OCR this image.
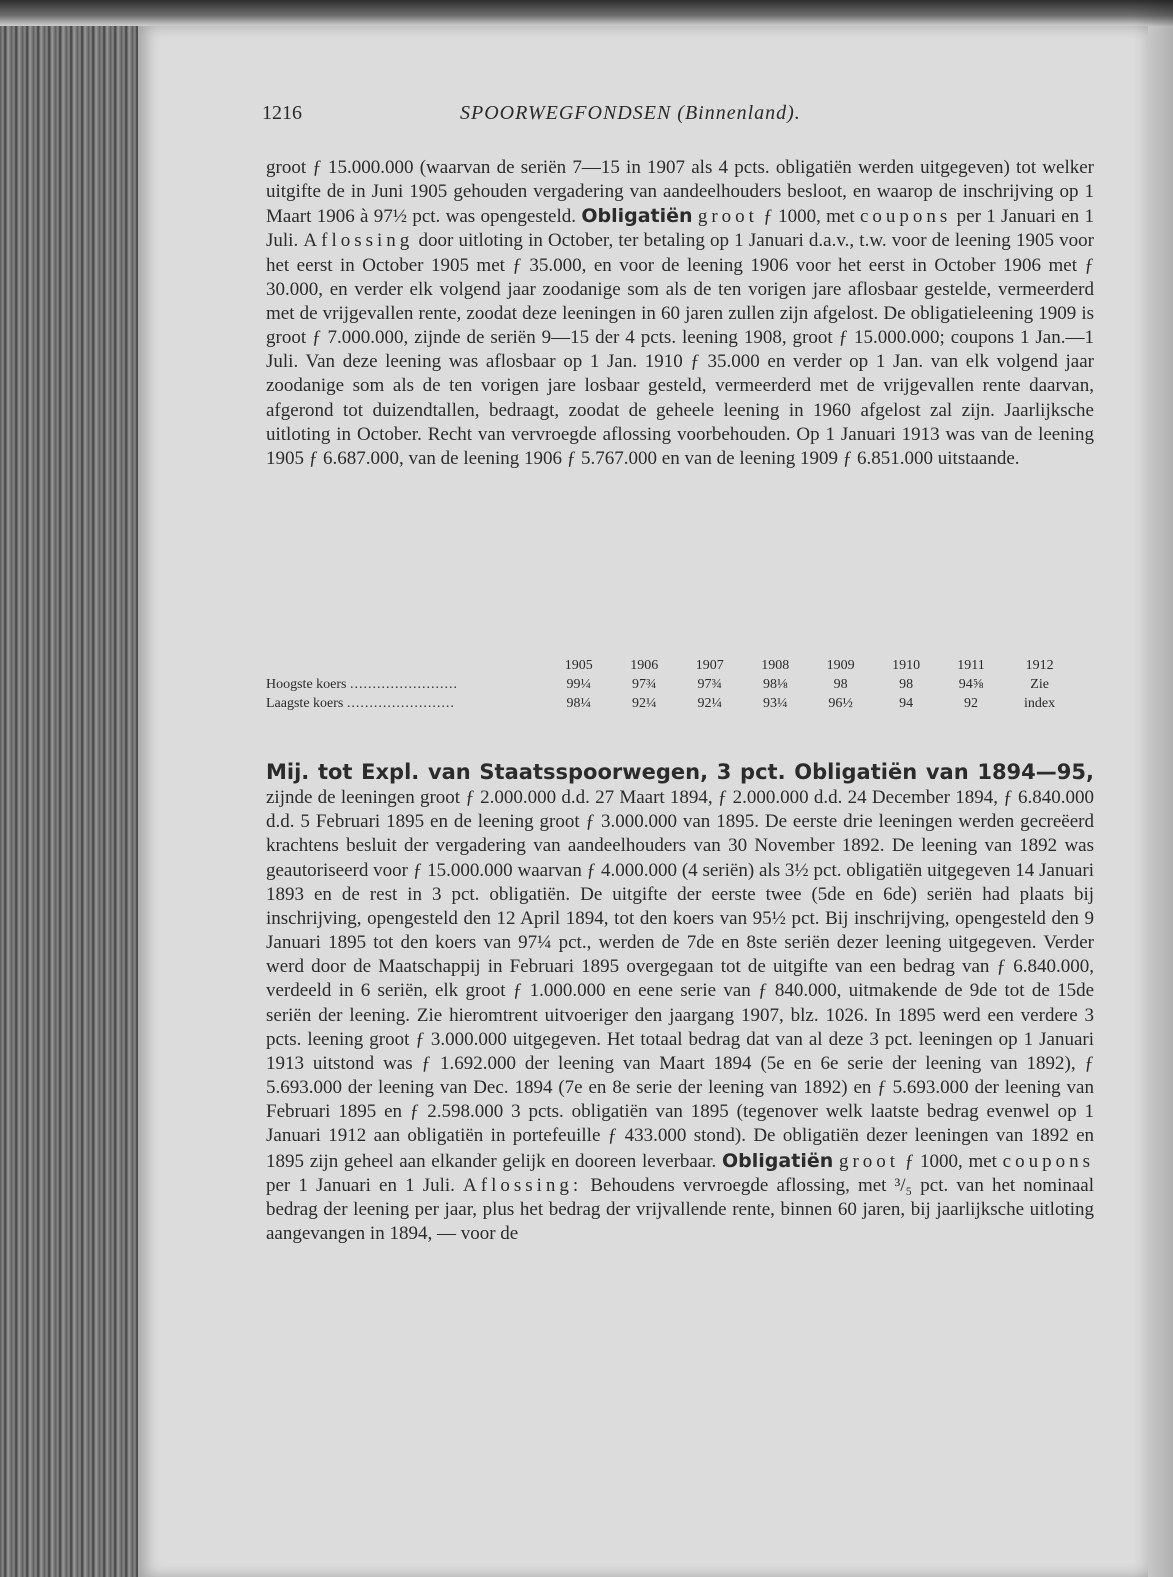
1216	SPOORWEGFONDSEN (Binnenland).
groot ƒ 15.000.000 (waarvan de seriën 7—15 in 1907 als 4 pcts. obligatiën werden uitgegeven) tot welker uitgifte de in Juni 1905 gehouden vergadering van aandeelhouders besloot, en waarop de inschrijving op 1 Maart 1906 à 97½ pct. was opengesteld. Obligatiën groot ƒ 1000, met coupons per 1 Januari en 1 Juli. Aflossing door uitloting in October, ter betaling op 1 Januari d.a.v., t.w. voor de leening 1905 voor het eerst in October 1905 met ƒ 35.000, en voor de leening 1906 voor het eerst in October 1906 met ƒ 30.000, en verder elk volgend jaar zoodanige som als de ten vorigen jare aflosbaar gestelde, vermeerderd met de vrijgevallen rente, zoodat deze leeningen in 60 jaren zullen zijn afgelost. De obligatieleening 1909 is groot ƒ 7.000.000, zijnde de seriën 9—15 der 4 pcts. leening 1908, groot ƒ 15.000.000; coupons 1 Jan.—1 Juli. Van deze leening was aflosbaar op 1 Jan. 1910 ƒ 35.000 en verder op 1 Jan. van elk volgend jaar zoodanige som als de ten vorigen jare losbaar gesteld, vermeerderd met de vrijgevallen rente daarvan, afgerond tot duizendtallen, bedraagt, zoodat de geheele leening in 1960 afgelost zal zijn. Jaarlijksche uitloting in October. Recht van vervroegde aflossing voorbehouden. Op 1 Januari 1913 was van de leening 1905 ƒ 6.687.000, van de leening 1906 ƒ 5.767.000 en van de leening 1909 ƒ 6.851.000 uitstaande.
	1905	1906	1907	1908	1909	1910	1911	1912
Hoogste koers ........................	99¼	97¾	97¾	98⅛	98	98	94⅝	Zie
Laagste koers ........................	98¼	92¼	92¼	93¼	96½	94	92	index
Mij. tot Expl. van Staatsspoorwegen, 3 pct. Obligatiën van 1894—95, zijnde de leeningen groot ƒ 2.000.000 d.d. 27 Maart 1894, ƒ 2.000.000 d.d. 24 December 1894, ƒ 6.840.000 d.d. 5 Februari 1895 en de leening groot ƒ 3.000.000 van 1895. De eerste drie leeningen werden gecreëerd krachtens besluit der vergadering van aandeelhouders van 30 November 1892. De leening van 1892 was geautoriseerd voor ƒ 15.000.000 waarvan ƒ 4.000.000 (4 seriën) als 3½ pct. obligatiën uitgegeven 14 Januari 1893 en de rest in 3 pct. obligatiën. De uitgifte der eerste twee (5de en 6de) seriën had plaats bij inschrijving, opengesteld den 12 April 1894, tot den koers van 95½ pct. Bij inschrijving, opengesteld den 9 Januari 1895 tot den koers van 97¼ pct., werden de 7de en 8ste seriën dezer leening uitgegeven. Verder werd door de Maatschappij in Februari 1895 overgegaan tot de uitgifte van een bedrag van ƒ 6.840.000, verdeeld in 6 seriën, elk groot ƒ 1.000.000 en eene serie van ƒ 840.000, uitmakende de 9de tot de 15de seriën der leening. Zie hieromtrent uitvoeriger den jaargang 1907, blz. 1026. In 1895 werd een verdere 3 pcts. leening groot ƒ 3.000.000 uitgegeven. Het totaal bedrag dat van al deze 3 pct. leeningen op 1 Januari 1913 uitstond was ƒ 1.692.000 der leening van Maart 1894 (5e en 6e serie der leening van 1892), ƒ 5.693.000 der leening van Dec. 1894 (7e en 8e serie der leening van 1892) en ƒ 5.693.000 der leening van Februari 1895 en ƒ 2.598.000 3 pcts. obligatiën van 1895 (tegenover welk laatste bedrag evenwel op 1 Januari 1912 aan obligatiën in portefeuille ƒ 433.000 stond). De obligatiën dezer leeningen van 1892 en 1895 zijn geheel aan elkander gelijk en dooreen leverbaar. Obligatiën groot ƒ 1000, met coupons per 1 Januari en 1 Juli. Aflossing: Behoudens vervroegde aflossing, met ³/₅ pct. van het nominaal bedrag der leening per jaar, plus het bedrag der vrijvallende rente, binnen 60 jaren, bij jaarlijksche uitloting aangevangen in 1894, — voor de
